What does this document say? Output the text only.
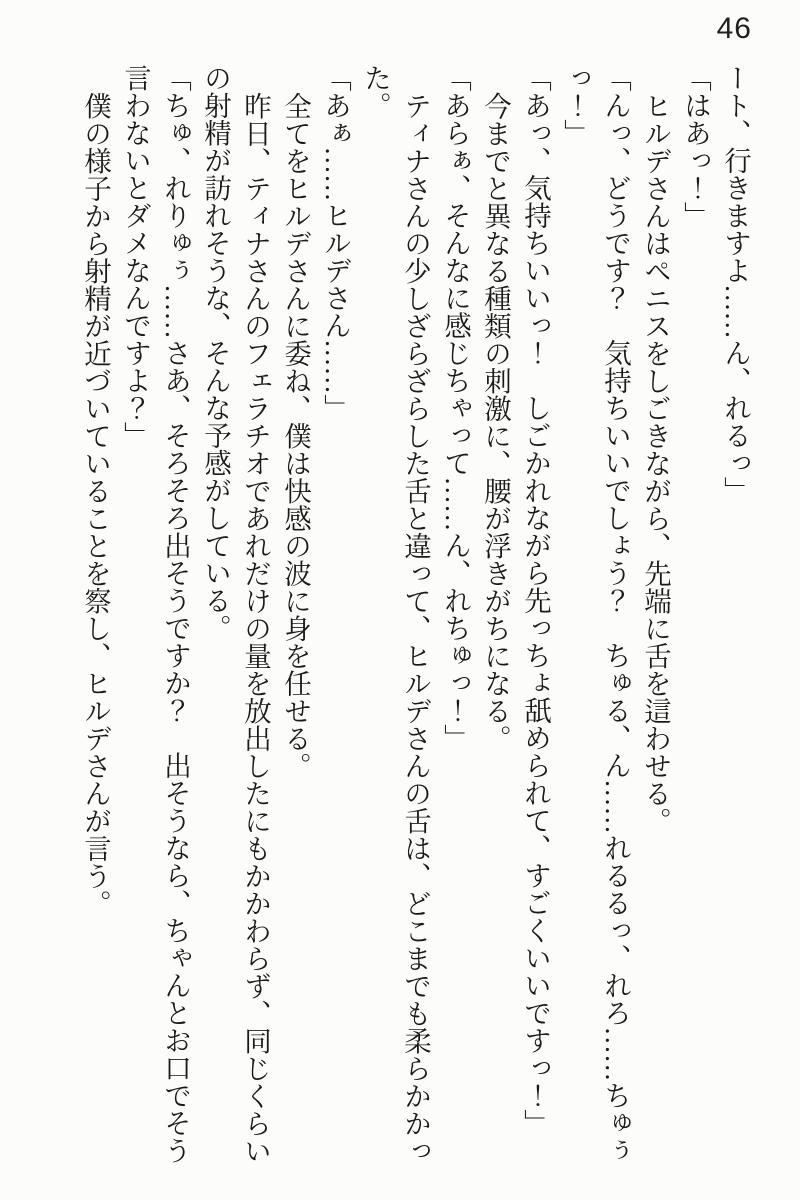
46
ート、行きますよ……ん、れるっ」
「はあっ！」
ヒルデさんはペニスをしごきながら、先端に舌を這わせる。
「んっ、どうです？　気持ちいいでしょう？　ちゅる、ん……れるるっ、れろ……ちゅぅ
っ！」
「あっ、気持ちいいっ！　しごかれながら先っちょ舐められて、すごくいいですっ！」
今までと異なる種類の刺激に、腰が浮きがちになる。
「あらぁ、そんなに感じちゃって……ん、れちゅっ！」
ティナさんの少しざらざらした舌と違って、ヒルデさんの舌は、どこまでも柔らかかっ
た。
「あぁ……ヒルデさん……」
全てをヒルデさんに委ね、僕は快感の波に身を任せる。
昨日、ティナさんのフェラチオであれだけの量を放出したにもかかわらず、同じくらい
の射精が訪れそうな、そんな予感がしている。
「ちゅ、れりゅぅ……さあ、そろそろ出そうですか？　出そうなら、ちゃんとお口でそう
言わないとダメなんですよ？」
僕の様子から射精が近づいていることを察し、ヒルデさんが言う。
